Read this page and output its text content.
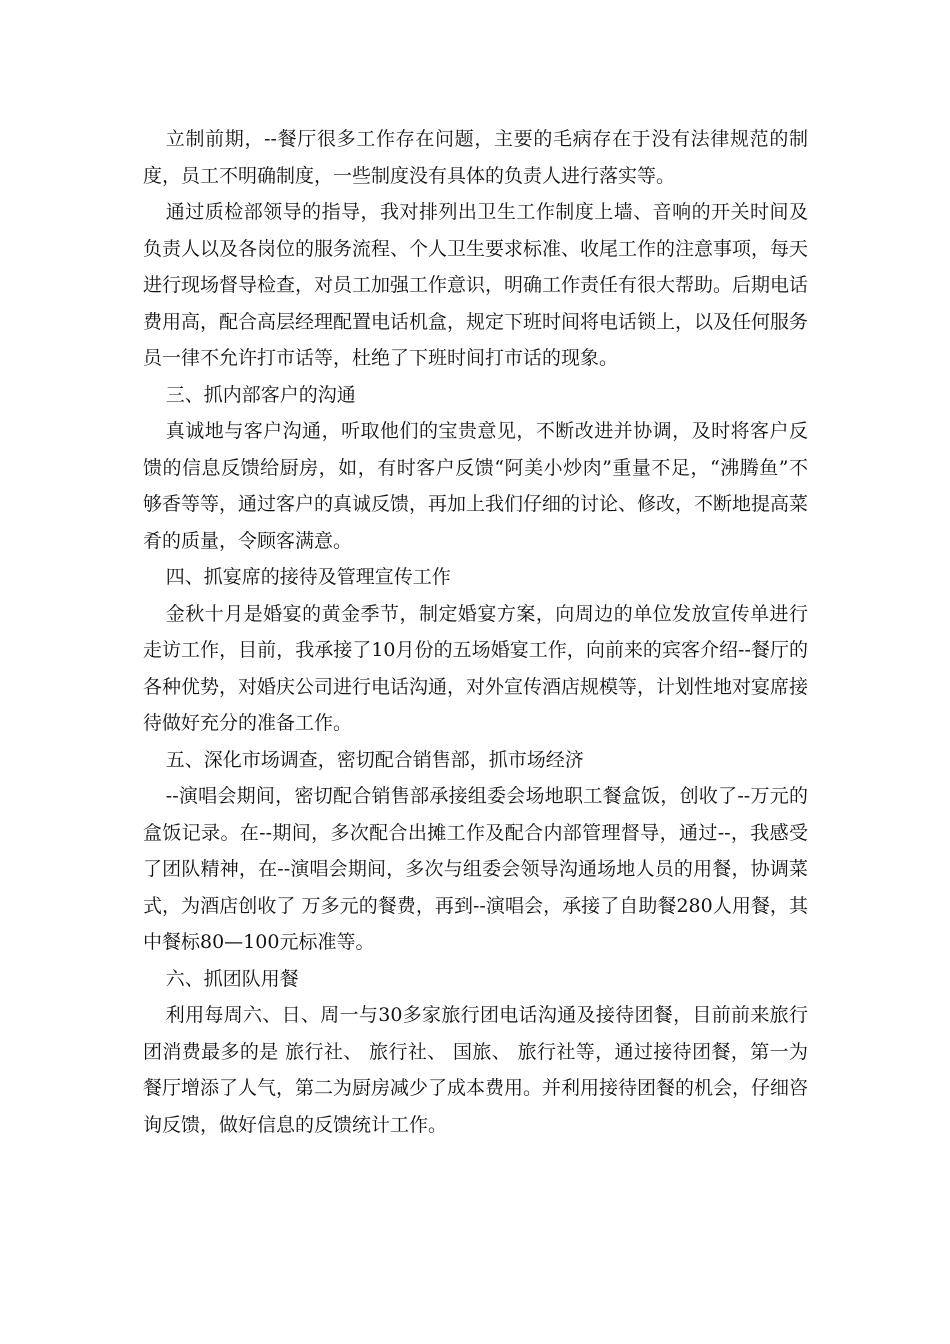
立制前期，--餐厅很多工作存在问题，主要的毛病存在于没有法律规范的制度，员工不明确制度，一些制度没有具体的负责人进行落实等。

通过质检部领导的指导，我对排列出卫生工作制度上墙、音响的开关时间及负责人以及各岗位的服务流程、个人卫生要求标准、收尾工作的注意事项，每天进行现场督导检查，对员工加强工作意识，明确工作责任有很大帮助。后期电话费用高，配合高层经理配置电话机盒，规定下班时间将电话锁上，以及任何服务员一律不允许打市话等，杜绝了下班时间打市话的现象。

三、抓内部客户的沟通

真诚地与客户沟通，听取他们的宝贵意见，不断改进并协调，及时将客户反馈的信息反馈给厨房，如，有时客户反馈“阿美小炒肉”重量不足，“沸腾鱼”不够香等等，通过客户的真诚反馈，再加上我们仔细的讨论、修改，不断地提高菜肴的质量，令顾客满意。

四、抓宴席的接待及管理宣传工作

金秋十月是婚宴的黄金季节，制定婚宴方案，向周边的单位发放宣传单进行走访工作，目前，我承接了10月份的五场婚宴工作，向前来的宾客介绍--餐厅的各种优势，对婚庆公司进行电话沟通，对外宣传酒店规模等，计划性地对宴席接待做好充分的准备工作。

五、深化市场调查，密切配合销售部，抓市场经济

--演唱会期间，密切配合销售部承接组委会场地职工餐盒饭，创收了--万元的盒饭记录。在--期间，多次配合出摊工作及配合内部管理督导，通过--，我感受了团队精神，在--演唱会期间，多次与组委会领导沟通场地人员的用餐，协调菜式，为酒店创收了 万多元的餐费，再到--演唱会，承接了自助餐280人用餐，其中餐标80—100元标准等。

六、抓团队用餐

利用每周六、日、周一与30多家旅行团电话沟通及接待团餐，目前前来旅行团消费最多的是 旅行社、 旅行社、 国旅、 旅行社等，通过接待团餐，第一为餐厅增添了人气，第二为厨房减少了成本费用。并利用接待团餐的机会，仔细咨询反馈，做好信息的反馈统计工作。
